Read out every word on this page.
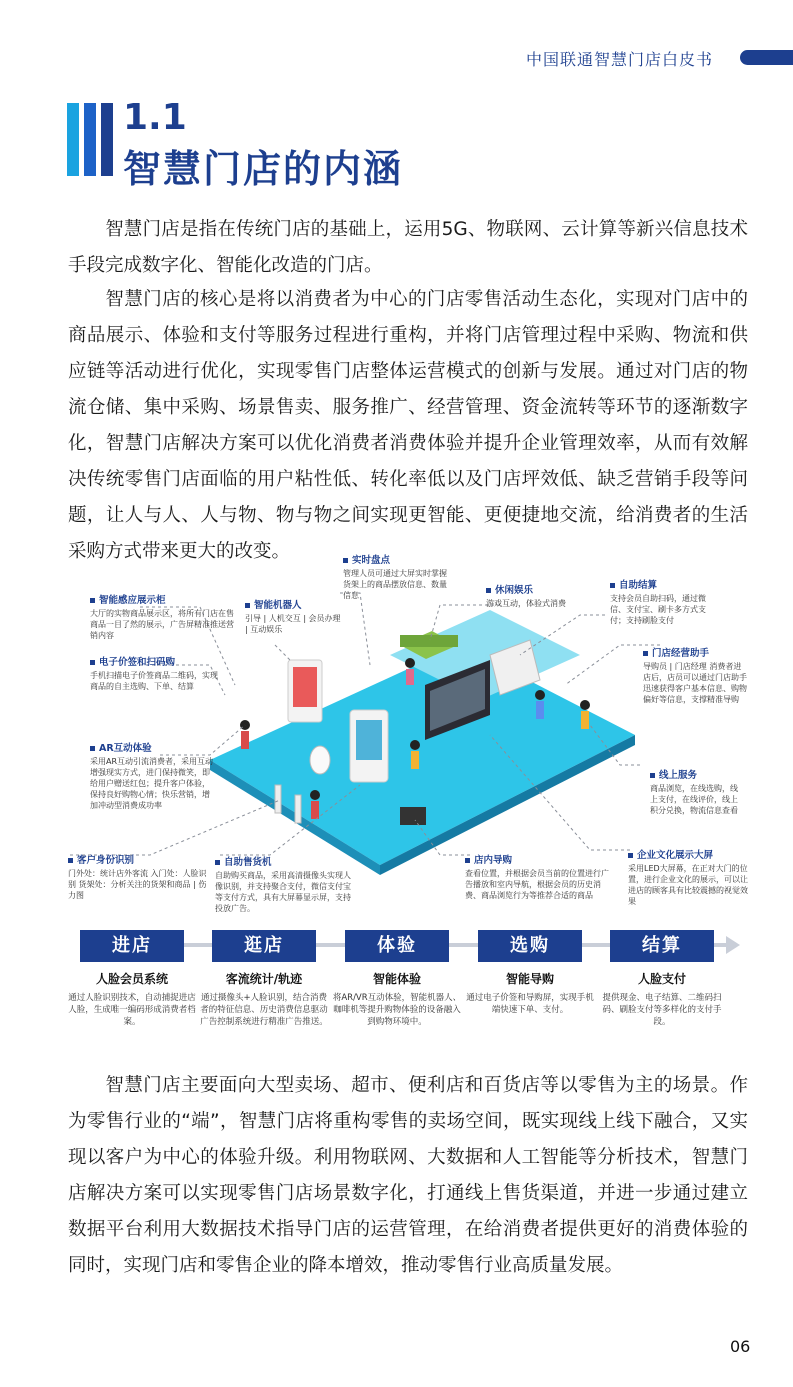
中国联通智慧门店白皮书
1.1
智慧门店的内涵

智慧门店是指在传统门店的基础上，运用5G、物联网、云计算等新兴信息技术手段完成数字化、智能化改造的门店。

智慧门店的核心是将以消费者为中心的门店零售活动生态化，实现对门店中的商品展示、体验和支付等服务过程进行重构，并将门店管理过程中采购、物流和供应链等活动进行优化，实现零售门店整体运营模式的创新与发展。通过对门店的物流仓储、集中采购、场景售卖、服务推广、经营管理、资金流转等环节的逐渐数字化，智慧门店解决方案可以优化消费者消费体验并提升企业管理效率，从而有效解决传统零售门店面临的用户粘性低、转化率低以及门店坪效低、缺乏营销手段等问题，让人与人、人与物、物与物之间实现更智能、更便捷地交流，给消费者的生活采购方式带来更大的改变。

智能感应展示柜
大厅的实物商品展示区，将所有门店在售商品一目了然的展示，广告屏精准推送营销内容
电子价签和扫码购
手机扫描电子价签商品二维码，实现商品的自主选购、下单、结算
AR互动体验
采用AR互动引流消费者，采用互动增强现实方式，进门保持微笑，即给用户赠送红包；提升客户体验，保持良好购物心情；快乐营销，增加冲动型消费成功率
客户身份识别
门外处：统计店外客流 入门处：人脸识别 货架处：分析关注的货架和商品 | 伤力图
智能机器人
引导 | 人机交互 | 会员办理 | 互动娱乐
实时盘点
管理人员可通过大屏实时掌握货架上的商品摆放信息、数量信息	休闲娱乐
游戏互动，体验式消费
自助结算
支持会员自助扫码，通过微信、支付宝、刷卡多方式支付；支持刷脸支付
门店经营助手
导购员 | 门店经理 消费者进店后，店员可以通过门店助手迅速获得客户基本信息、购物偏好等信息，支撑精准导购
线上服务
商品浏览，在线选购，线上支付，在线评价，线上积分兑换，物流信息查看
自助售货机
自助购买商品，采用高清摄像头实现人像识别，并支持聚合支付，微信支付宝等支付方式，具有大屏幕显示屏，支持投放广告。
店内导购
查看位置，并根据会员当前的位置进行广告播放和室内导航，根据会员的历史消费、商品浏览行为等推荐合适的商品
企业文化展示大屏
采用LED大屏幕，在正对大门的位置，进行企业文化的展示，可以让进店的顾客具有比较震撼的视觉效果
进店	逛店	体验	选购	结算
人脸会员系统	客流统计/轨迹	智能体验	智能导购	人脸支付
通过人脸识别技术，自动捕捉进店人脸，生成唯一编码形成消费者档案。
通过摄像头+人脸识别，结合消费者的特征信息、历史消费信息驱动广告控制系统进行精准广告推送。
将AR/VR互动体验，智能机器人、咖啡机等提升购物体验的设备融入到购物环境中。
通过电子价签和导购屏，实现手机端快速下单、支付。
提供现金、电子结算、二维码扫码、刷脸支付等多样化的支付手段。

智慧门店主要面向大型卖场、超市、便利店和百货店等以零售为主的场景。作为零售行业的“端”，智慧门店将重构零售的卖场空间，既实现线上线下融合，又实现以客户为中心的体验升级。利用物联网、大数据和人工智能等分析技术，智慧门店解决方案可以实现零售门店场景数字化，打通线上售货渠道，并进一步通过建立数据平台利用大数据技术指导门店的运营管理，在给消费者提供更好的消费体验的同时，实现门店和零售企业的降本增效，推动零售行业高质量发展。

06
